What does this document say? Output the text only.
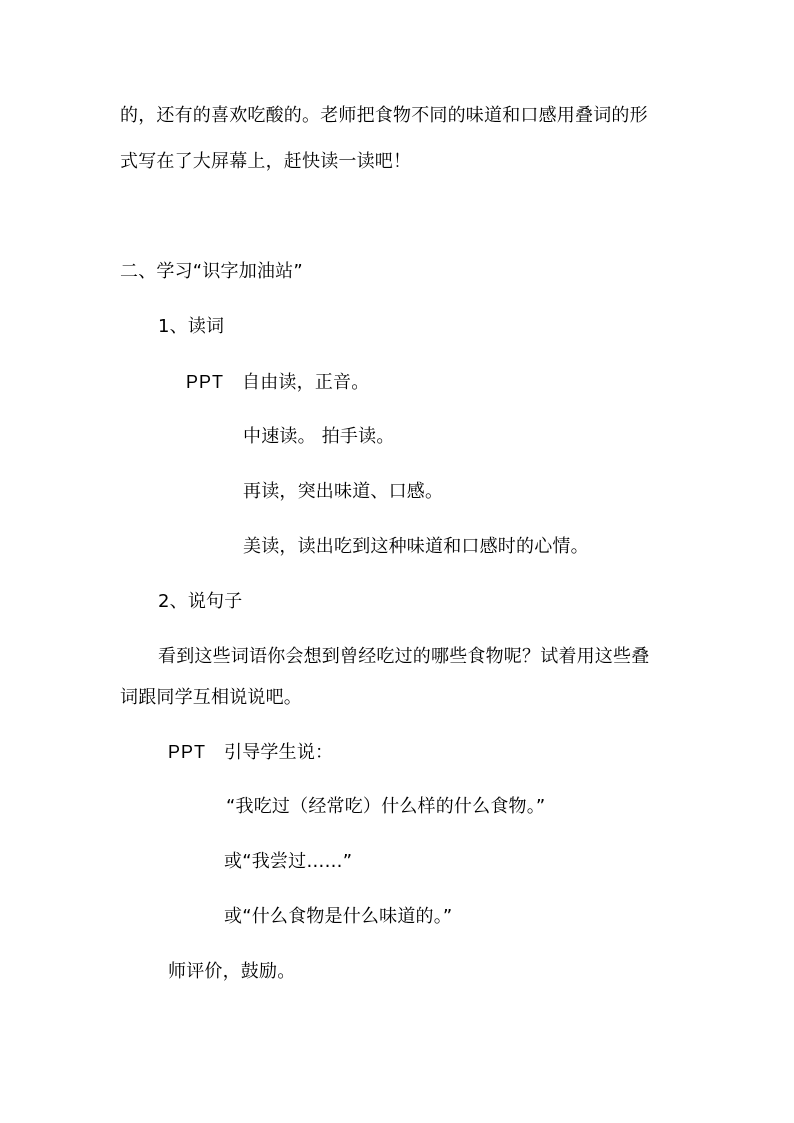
的，还有的喜欢吃酸的。老师把食物不同的味道和口感用叠词的形
式写在了大屏幕上，赶快读一读吧！
二、学习“识字加油站”
1、读词
PPT 自由读，正音。
中速读。 拍手读。
再读，突出味道、口感。
美读，读出吃到这种味道和口感时的心情。
2、说句子
看到这些词语你会想到曾经吃过的哪些食物呢？试着用这些叠
词跟同学互相说说吧。
PPT 引导学生说：
“我吃过（经常吃）什么样的什么食物。”
或“我尝过……”
或“什么食物是什么味道的。”
师评价，鼓励。
